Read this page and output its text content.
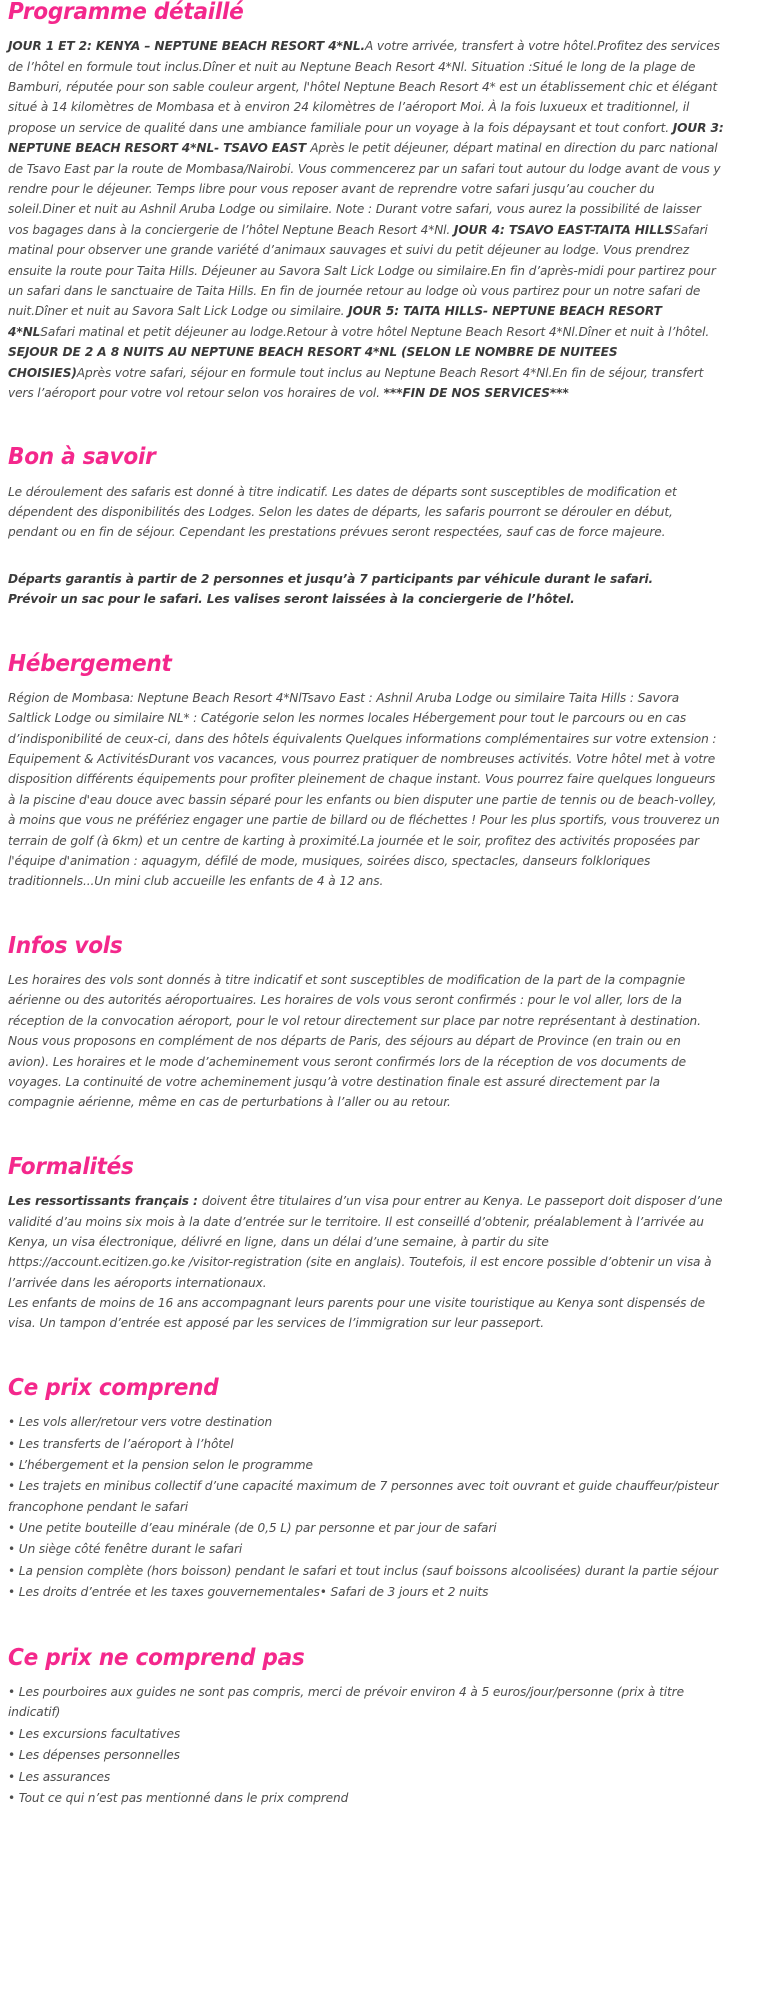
Programme détaillé

JOUR 1 ET 2: KENYA – NEPTUNE BEACH RESORT 4*NL.A votre arrivée, transfert à votre hôtel.Profitez des services de l’hôtel en formule tout inclus.Dîner et nuit au Neptune Beach Resort 4*Nl. Situation :Situé le long de la plage de Bamburi, réputée pour son sable couleur argent, l'hôtel Neptune Beach Resort 4* est un établissement chic et élégant situé à 14 kilomètres de Mombasa et à environ 24 kilomètres de l’aéroport Moi. À la fois luxueux et traditionnel, il propose un service de qualité dans une ambiance familiale pour un voyage à la fois dépaysant et tout confort. JOUR 3: NEPTUNE BEACH RESORT 4*NL- TSAVO EAST Après le petit déjeuner, départ matinal en direction du parc national de Tsavo East par la route de Mombasa/Nairobi. Vous commencerez par un safari tout autour du lodge avant de vous y rendre pour le déjeuner. Temps libre pour vous reposer avant de reprendre votre safari jusqu’au coucher du soleil.Diner et nuit au Ashnil Aruba Lodge ou similaire. Note : Durant votre safari, vous aurez la possibilité de laisser vos bagages dans à la conciergerie de l’hôtel Neptune Beach Resort 4*Nl. JOUR 4: TSAVO EAST-TAITA HILLSSafari matinal pour observer une grande variété d’animaux sauvages et suivi du petit déjeuner au lodge. Vous prendrez ensuite la route pour Taita Hills. Déjeuner au Savora Salt Lick Lodge ou similaire.En fin d’après-midi pour partirez pour un safari dans le sanctuaire de Taita Hills. En fin de journée retour au lodge où vous partirez pour un notre safari de nuit.Dîner et nuit au Savora Salt Lick Lodge ou similaire. JOUR 5: TAITA HILLS- NEPTUNE BEACH RESORT 4*NLSafari matinal et petit déjeuner au lodge.Retour à votre hôtel Neptune Beach Resort 4*Nl.Dîner et nuit à l’hôtel. SEJOUR DE 2 A 8 NUITS AU NEPTUNE BEACH RESORT 4*NL (SELON LE NOMBRE DE NUITEES CHOISIES)Après votre safari, séjour en formule tout inclus au Neptune Beach Resort 4*Nl.En fin de séjour, transfert vers l’aéroport pour votre vol retour selon vos horaires de vol. ***FIN DE NOS SERVICES***

Bon à savoir

Le déroulement des safaris est donné à titre indicatif. Les dates de départs sont susceptibles de modification et dépendent des disponibilités des Lodges. Selon les dates de départs, les safaris pourront se dérouler en début, pendant ou en fin de séjour. Cependant les prestations prévues seront respectées, sauf cas de force majeure.

Départs garantis à partir de 2 personnes et jusqu’à 7 participants par véhicule durant le safari.

Prévoir un sac pour le safari. Les valises seront laissées à la conciergerie de l’hôtel.

Hébergement

Région de Mombasa: Neptune Beach Resort 4*NlTsavo East : Ashnil Aruba Lodge ou similaire Taita Hills : Savora Saltlick Lodge ou similaire NL* : Catégorie selon les normes locales Hébergement pour tout le parcours ou en cas d’indisponibilité de ceux-ci, dans des hôtels équivalents Quelques informations complémentaires sur votre extension : Equipement & ActivitésDurant vos vacances, vous pourrez pratiquer de nombreuses activités. Votre hôtel met à votre disposition différents équipements pour profiter pleinement de chaque instant. Vous pourrez faire quelques longueurs à la piscine d'eau douce avec bassin séparé pour les enfants ou bien disputer une partie de tennis ou de beach-volley, à moins que vous ne préfériez engager une partie de billard ou de fléchettes ! Pour les plus sportifs, vous trouverez un terrain de golf (à 6km) et un centre de karting à proximité.La journée et le soir, profitez des activités proposées par l'équipe d'animation : aquagym, défilé de mode, musiques, soirées disco, spectacles, danseurs folkloriques traditionnels...Un mini club accueille les enfants de 4 à 12 ans.

Infos vols

Les horaires des vols sont donnés à titre indicatif et sont susceptibles de modification de la part de la compagnie aérienne ou des autorités aéroportuaires. Les horaires de vols vous seront confirmés : pour le vol aller, lors de la réception de la convocation aéroport, pour le vol retour directement sur place par notre représentant à destination.

Nous vous proposons en complément de nos départs de Paris, des séjours au départ de Province (en train ou en avion). Les horaires et le mode d’acheminement vous seront confirmés lors de la réception de vos documents de voyages. La continuité de votre acheminement jusqu’à votre destination finale est assuré directement par la compagnie aérienne, même en cas de perturbations à l’aller ou au retour.

Formalités

Les ressortissants français : doivent être titulaires d’un visa pour entrer au Kenya. Le passeport doit disposer d’une validité d’au moins six mois à la date d’entrée sur le territoire. Il est conseillé d’obtenir, préalablement à l’arrivée au Kenya, un visa électronique, délivré en ligne, dans un délai d’une semaine, à partir du site https://account.ecitizen.go.ke /visitor-registration (site en anglais). Toutefois, il est encore possible d’obtenir un visa à l’arrivée dans les aéroports internationaux.

Les enfants de moins de 16 ans accompagnant leurs parents pour une visite touristique au Kenya sont dispensés de visa. Un tampon d’entrée est apposé par les services de l’immigration sur leur passeport.

Ce prix comprend
• Les vols aller/retour vers votre destination
• Les transferts de l’aéroport à l’hôtel
• L’hébergement et la pension selon le programme
• Les trajets en minibus collectif d’une capacité maximum de 7 personnes avec toit ouvrant et guide chauffeur/pisteur francophone pendant le safari
• Une petite bouteille d’eau minérale (de 0,5 L) par personne et par jour de safari
• Un siège côté fenêtre durant le safari
• La pension complète (hors boisson) pendant le safari et tout inclus (sauf boissons alcoolisées) durant la partie séjour
• Les droits d’entrée et les taxes gouvernementales• Safari de 3 jours et 2 nuits
Ce prix ne comprend pas
• Les pourboires aux guides ne sont pas compris, merci de prévoir environ 4 à 5 euros/jour/personne (prix à titre indicatif)
• Les excursions facultatives
• Les dépenses personnelles
• Les assurances
• Tout ce qui n’est pas mentionné dans le prix comprend
